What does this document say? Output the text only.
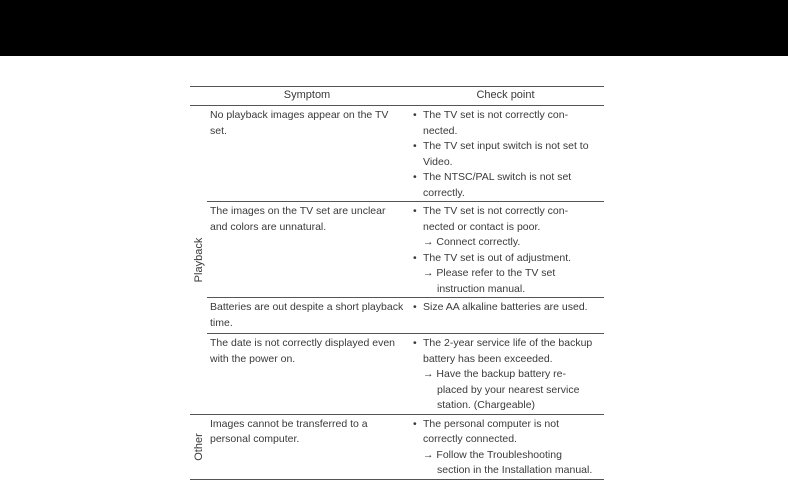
Symptom	Check point
Playback
No playback images appear on the TV set.
• The TV set is not correctly con-
nected.
• The TV set input switch is not set to
Video.
• The NTSC/PAL switch is not set
correctly.
The images on the TV set are unclear and colors are unnatural.
• The TV set is not correctly con-
nected or contact is poor.
→ Connect correctly.
• The TV set is out of adjustment.
→ Please refer to the TV set
instruction manual.
Batteries are out despite a short playback time.
• Size AA alkaline batteries are used.
The date is not correctly displayed even with the power on.
• The 2-year service life of the backup
battery has been exceeded.
→ Have the backup battery re-
placed by your nearest service
station. (Chargeable)
Other
Images cannot be transferred to a personal computer.
• The personal computer is not
correctly connected.
→ Follow the Troubleshooting
section in the Installation manual.
